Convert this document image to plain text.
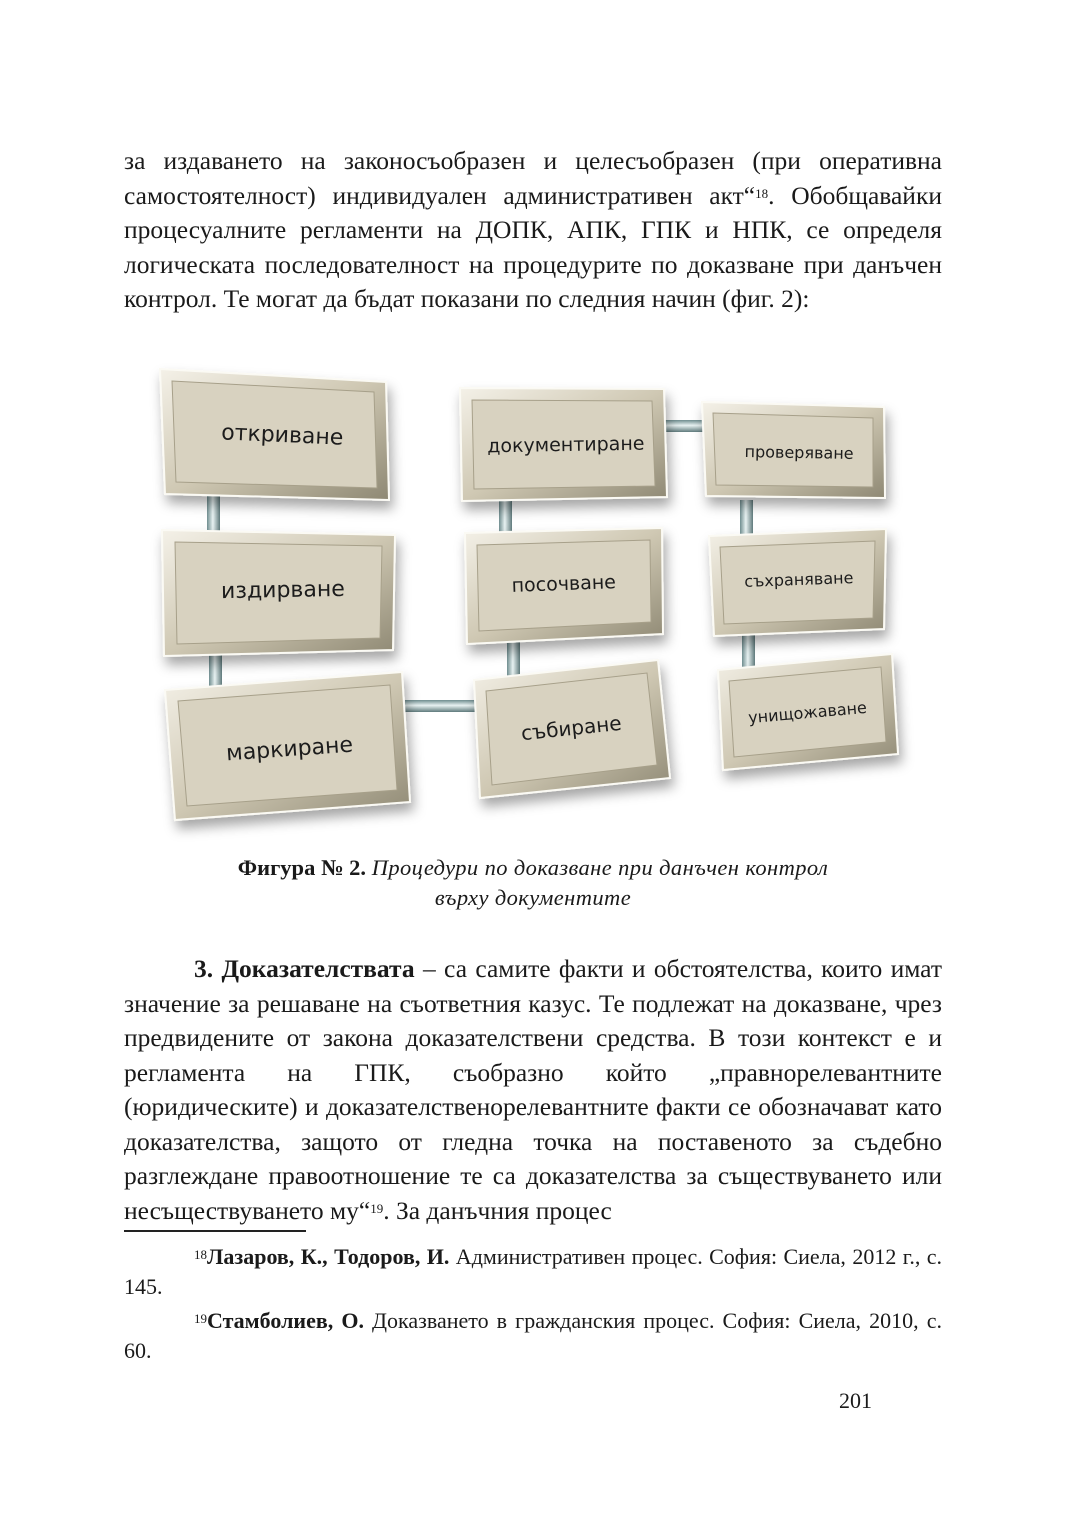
за издаването на законосъобразен и целесъобразен (при оперативна самостоятелност) индивидуален административен акт“$^{18}$. Обобщавайки процесуалните регламенти на ДОПК, АПК, ГПК и НПК, се определя логическата последователност на процедурите по доказване при данъчен контрол. Те могат да бъдат показани по следния начин (фиг. 2):

откриване
издирване
маркиране
документиране
посочване
събиране
проверяване
съхраняване
унищожаване
Фигура № 2. Процедури по доказване при данъчен контрол
върху документите

3. Доказателствата – са самите факти и обстоятелства, които имат значение за решаване на съответния казус. Те подлежат на доказване, чрез предвидените от закона доказателствени средства. В този контекст е и регламента на ГПК, съобразно който „правнорелевантните (юридическите) и доказателственорелевантните факти се обозначават като доказателства, защото от гледна точка на поставеното за съдебно разглеждане правоотношение те са доказателства за съществуването или несъществуването му“$^{19}$. За данъчния процес

$^{18}$Лазаров, К., Тодоров, И. Административен процес. София: Сиела, 2012 г., с. 145.

$^{19}$Стамболиев, О. Доказването в гражданския процес. София: Сиела, 2010, с. 60.

201
